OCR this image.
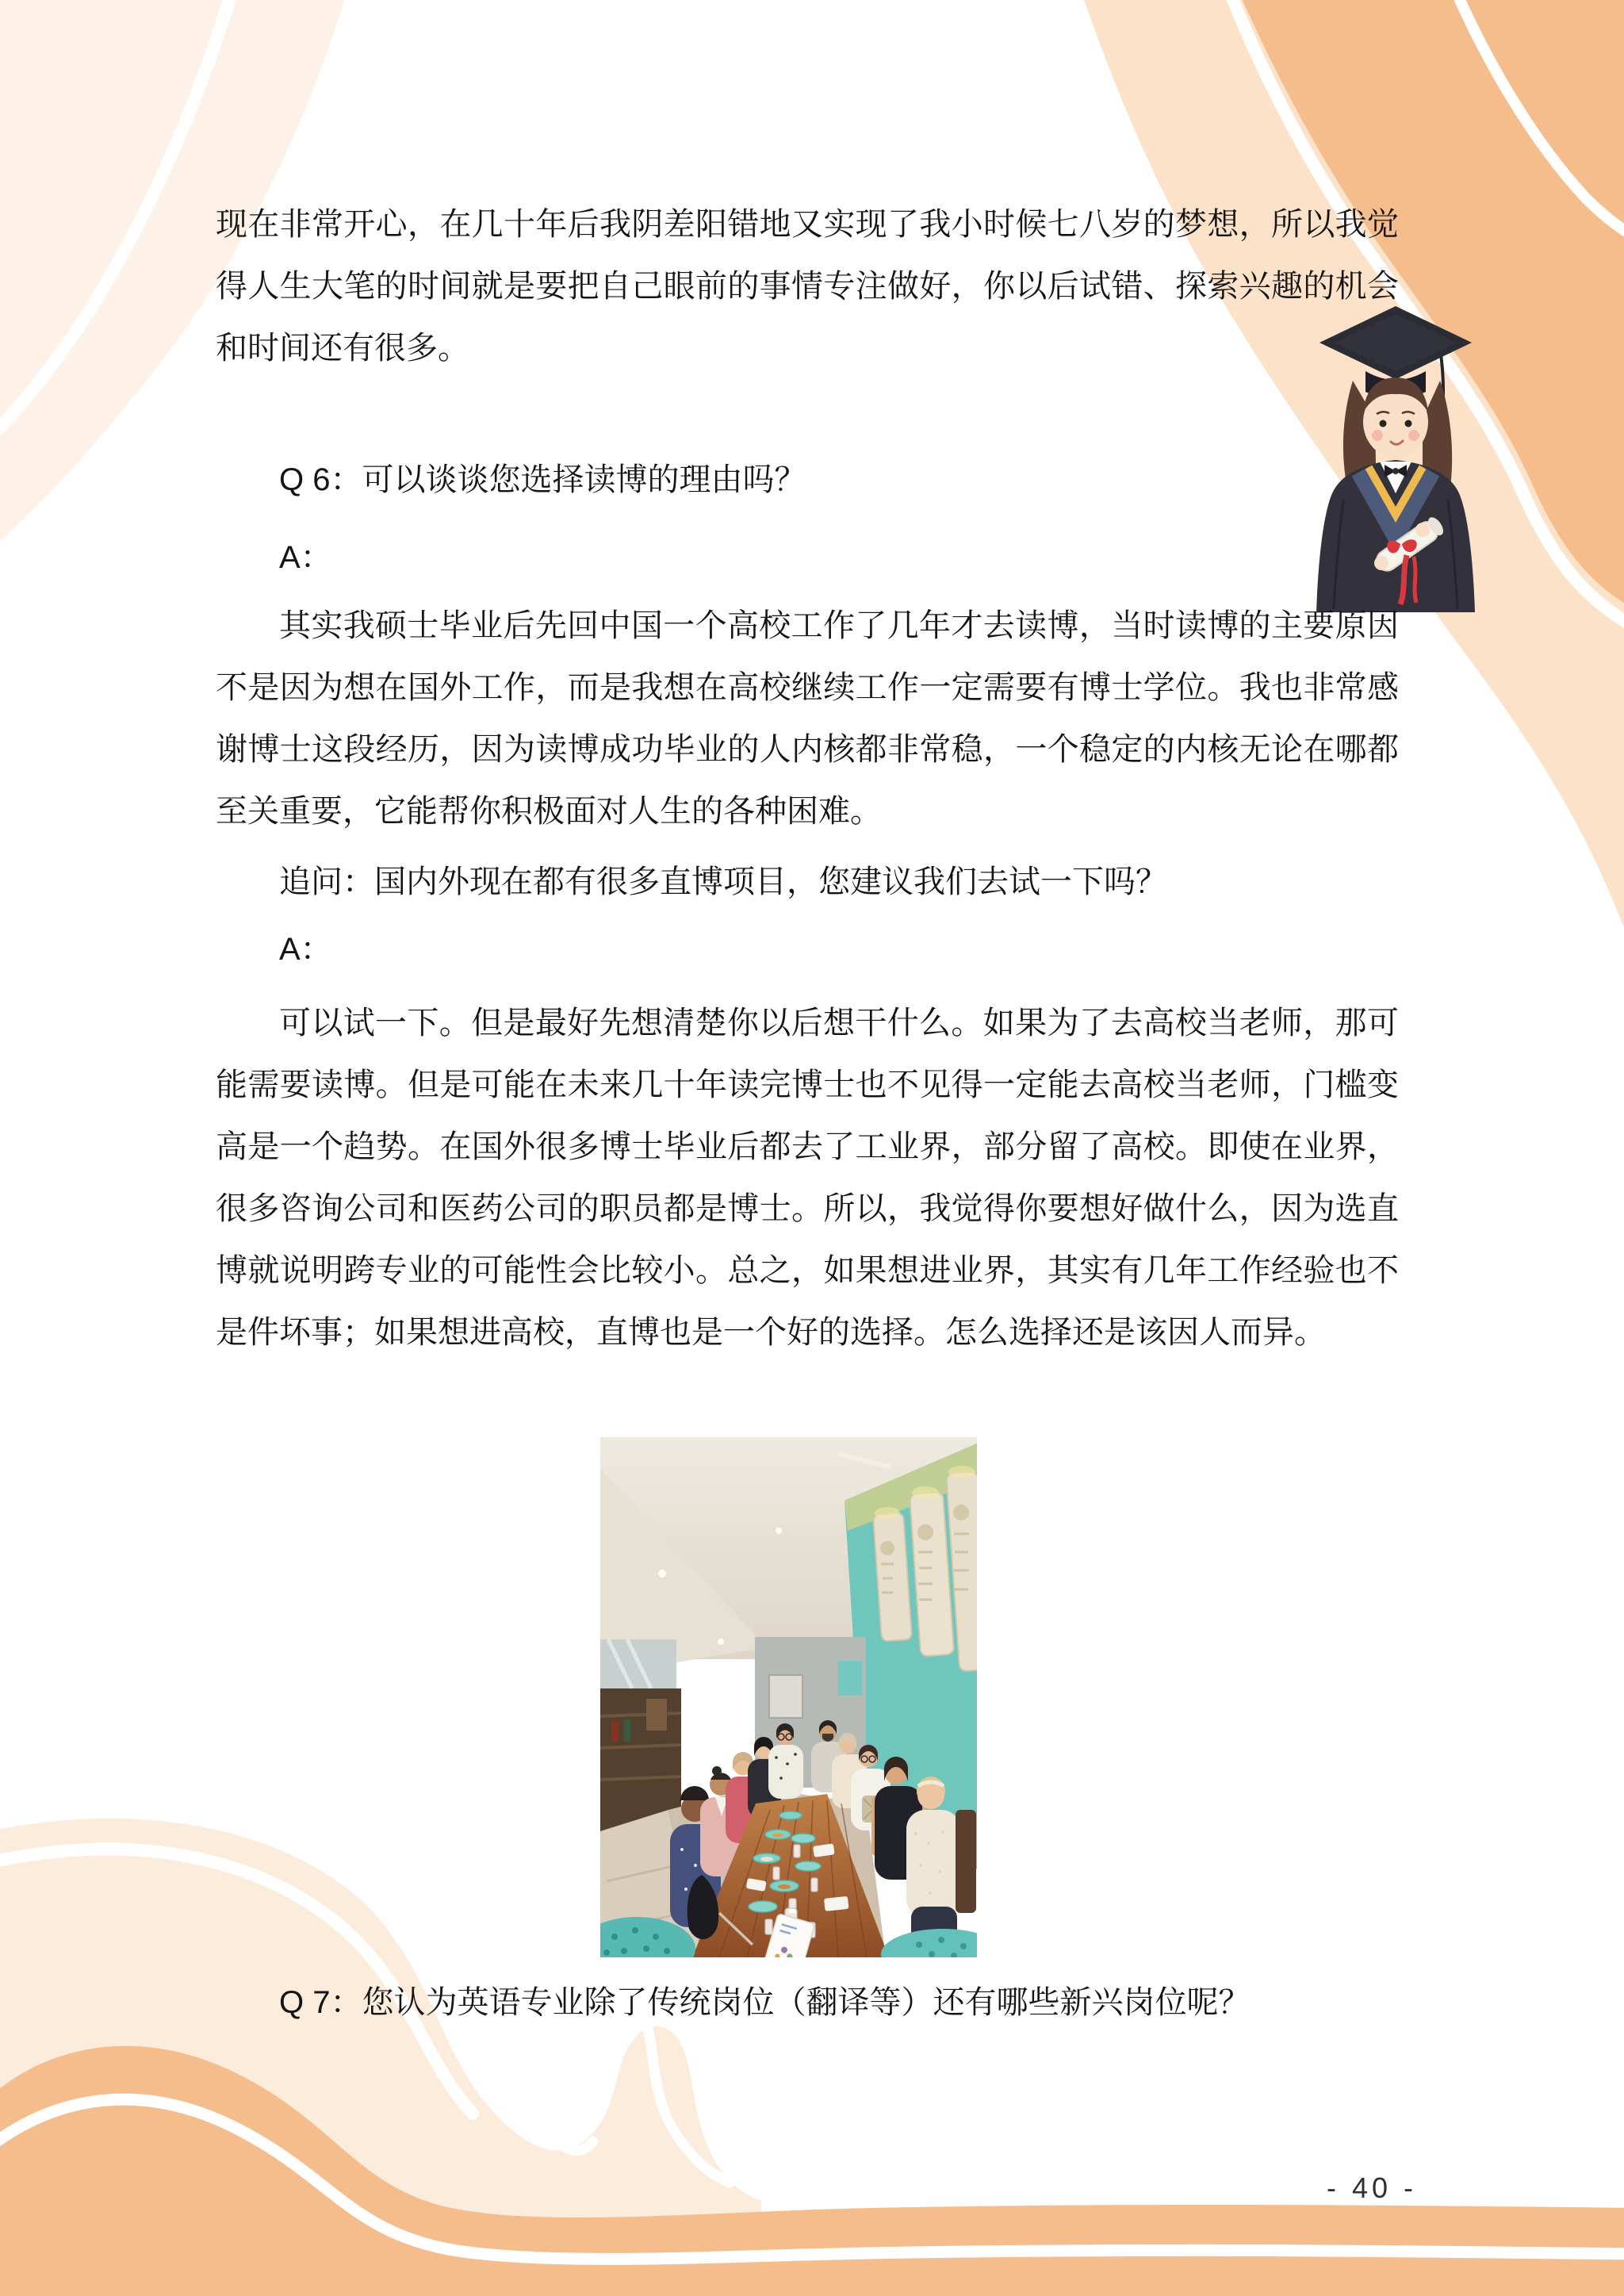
现在非常开心，在几十年后我阴差阳错地又实现了我小时候七八岁的梦想，所以我觉得人生大笔的时间就是要把自己眼前的事情专注做好，你以后试错、探索兴趣的机会和时间还有很多。
Q 6：可以谈谈您选择读博的理由吗？
A：
其实我硕士毕业后先回中国一个高校工作了几年才去读博，当时读博的主要原因不是因为想在国外工作，而是我想在高校继续工作一定需要有博士学位。我也非常感谢博士这段经历，因为读博成功毕业的人内核都非常稳，一个稳定的内核无论在哪都至关重要，它能帮你积极面对人生的各种困难。
追问：国内外现在都有很多直博项目，您建议我们去试一下吗？
A：
可以试一下。但是最好先想清楚你以后想干什么。如果为了去高校当老师，那可能需要读博。但是可能在未来几十年读完博士也不见得一定能去高校当老师，门槛变高是一个趋势。在国外很多博士毕业后都去了工业界，部分留了高校。即使在业界，很多咨询公司和医药公司的职员都是博士。所以，我觉得你要想好做什么，因为选直博就说明跨专业的可能性会比较小。总之，如果想进业界，其实有几年工作经验也不是件坏事；如果想进高校，直博也是一个好的选择。怎么选择还是该因人而异。
Q 7：您认为英语专业除了传统岗位（翻译等）还有哪些新兴岗位呢？
- 40 -
